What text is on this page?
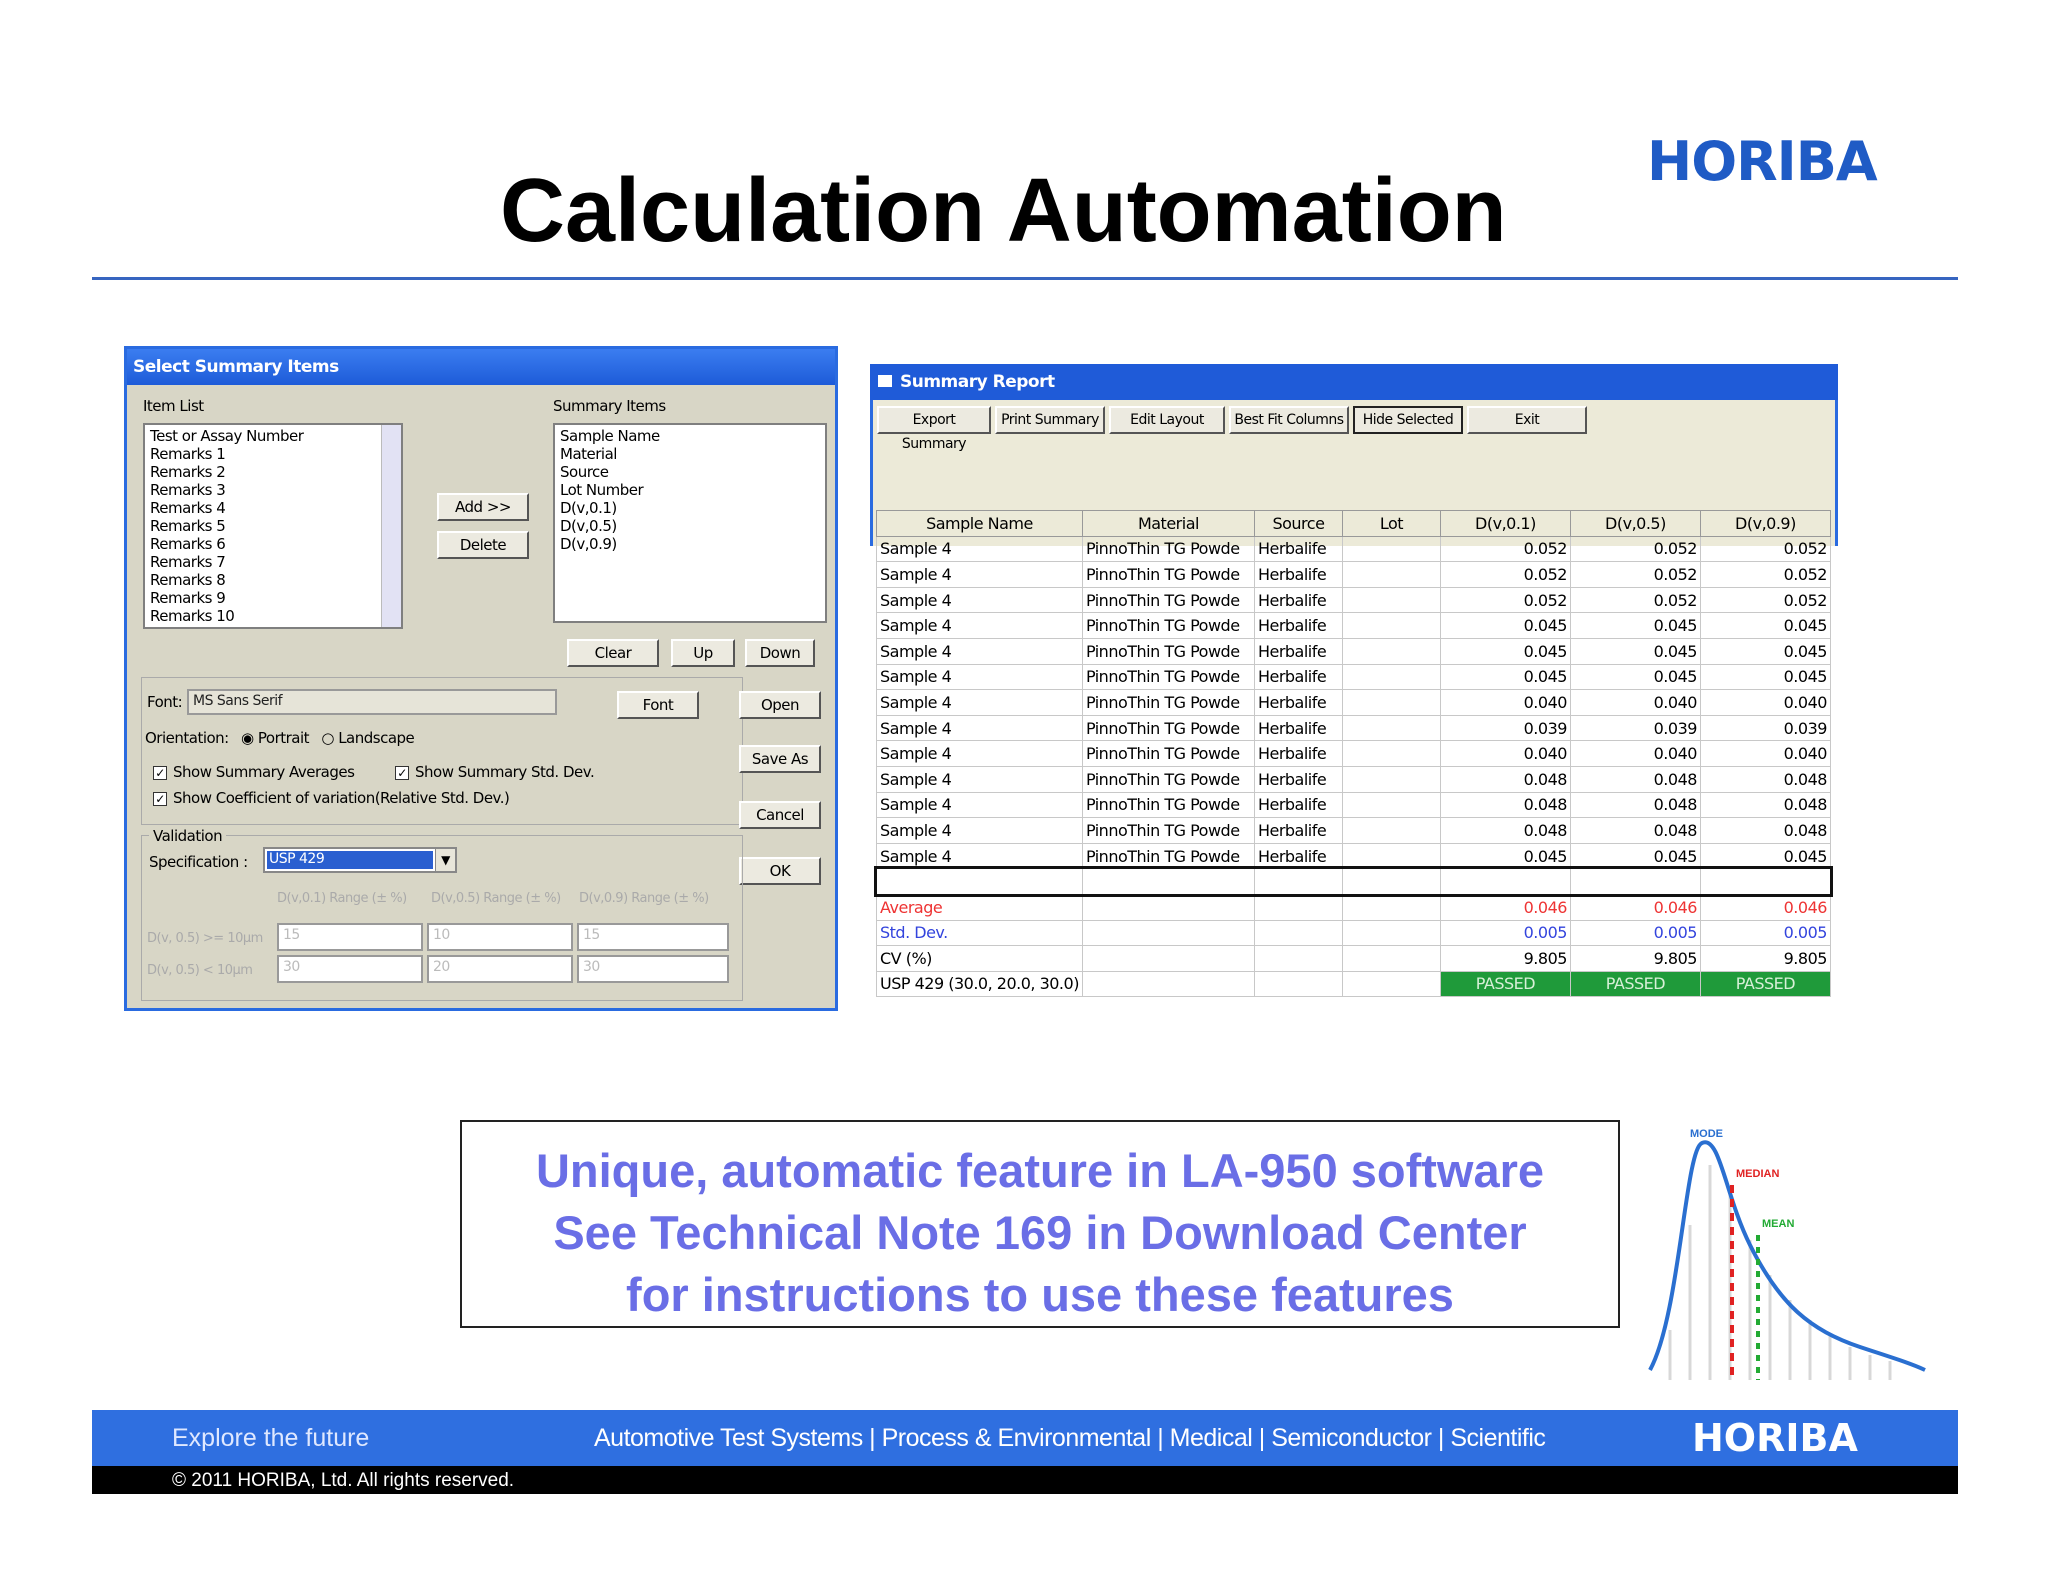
Calculation Automation	HORIBA
Select Summary Items
Item List	Summary Items
Test or Assay Number
Remarks 1
Remarks 2
Remarks 3
Remarks 4
Remarks 5
Remarks 6
Remarks 7
Remarks 8
Remarks 9
Remarks 10
Sample Name
Material
Source
Lot Number
D(v,0.1)
D(v,0.5)
D(v,0.9)
Add >>
Delete
Clear	Up	Down
Font: MS Sans Serif	Font	Open
Orientation: ◉ Portrait ○ Landscape
✓ Show Summary Averages	✓ Show Summary Std. Dev.
✓ Show Coefficient of variation(Relative Std. Dev.)
Save As
Cancel
OK
Validation
Specification : USP 429	▼
D(v,0.1) Range (± %) D(v,0.5) Range (± %) D(v,0.9) Range (± %)
D(v, 0.5) >= 10µm	15	10	15
D(v, 0.5) < 10µm	30	20	30
Summary Report
Export Summary
Print Summary	Edit Layout	Best Fit Columns	Hide Selected	Exit
Sample Name	Material	Source	Lot	D(v,0.1)	D(v,0.5)	D(v,0.9)
Sample 4	PinnoThin TG Powde	Herbalife		0.052	0.052	0.052
Sample 4	PinnoThin TG Powde	Herbalife		0.052	0.052	0.052
Sample 4	PinnoThin TG Powde	Herbalife		0.052	0.052	0.052
Sample 4	PinnoThin TG Powde	Herbalife		0.045	0.045	0.045
Sample 4	PinnoThin TG Powde	Herbalife		0.045	0.045	0.045
Sample 4	PinnoThin TG Powde	Herbalife		0.045	0.045	0.045
Sample 4	PinnoThin TG Powde	Herbalife		0.040	0.040	0.040
Sample 4	PinnoThin TG Powde	Herbalife		0.039	0.039	0.039
Sample 4	PinnoThin TG Powde	Herbalife		0.040	0.040	0.040
Sample 4	PinnoThin TG Powde	Herbalife		0.048	0.048	0.048
Sample 4	PinnoThin TG Powde	Herbalife		0.048	0.048	0.048
Sample 4	PinnoThin TG Powde	Herbalife		0.048	0.048	0.048
Sample 4	PinnoThin TG Powde	Herbalife		0.045	0.045	0.045

Average				0.046	0.046	0.046
Std. Dev.				0.005	0.005	0.005
CV (%)				9.805	9.805	9.805
USP 429 (30.0, 20.0, 30.0)				PASSED	PASSED	PASSED
Unique, automatic feature in LA-950 software
See Technical Note 169 in Download Center
for instructions to use these features
MODE
MEDIAN
MEAN
Explore the future	Automotive Test Systems | Process & Environmental | Medical | Semiconductor | Scientific	HORIBA
© 2011 HORIBA, Ltd. All rights reserved.
